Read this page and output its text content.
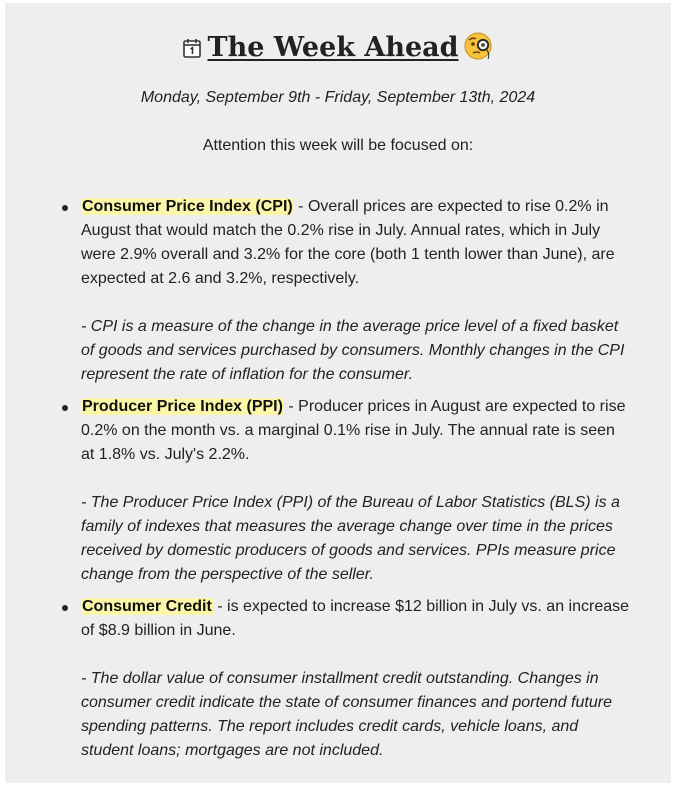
The Week Ahead
Monday, September 9th - Friday, September 13th, 2024
Attention this week will be focused on:
Consumer Price Index (CPI) - Overall prices are expected to rise 0.2% in August that would match the 0.2% rise in July. Annual rates, which in July were 2.9% overall and 3.2% for the core (both 1 tenth lower than June), are expected at 2.6 and 3.2%, respectively.
- CPI is a measure of the change in the average price level of a fixed basket of goods and services purchased by consumers. Monthly changes in the CPI represent the rate of inflation for the consumer.
Producer Price Index (PPI) - Producer prices in August are expected to rise 0.2% on the month vs. a marginal 0.1% rise in July. The annual rate is seen at 1.8% vs. July's 2.2%.
- The Producer Price Index (PPI) of the Bureau of Labor Statistics (BLS) is a family of indexes that measures the average change over time in the prices received by domestic producers of goods and services. PPIs measure price change from the perspective of the seller.
Consumer Credit - is expected to increase $12 billion in July vs. an increase of $8.9 billion in June.
- The dollar value of consumer installment credit outstanding. Changes in consumer credit indicate the state of consumer finances and portend future spending patterns. The report includes credit cards, vehicle loans, and student loans; mortgages are not included.
